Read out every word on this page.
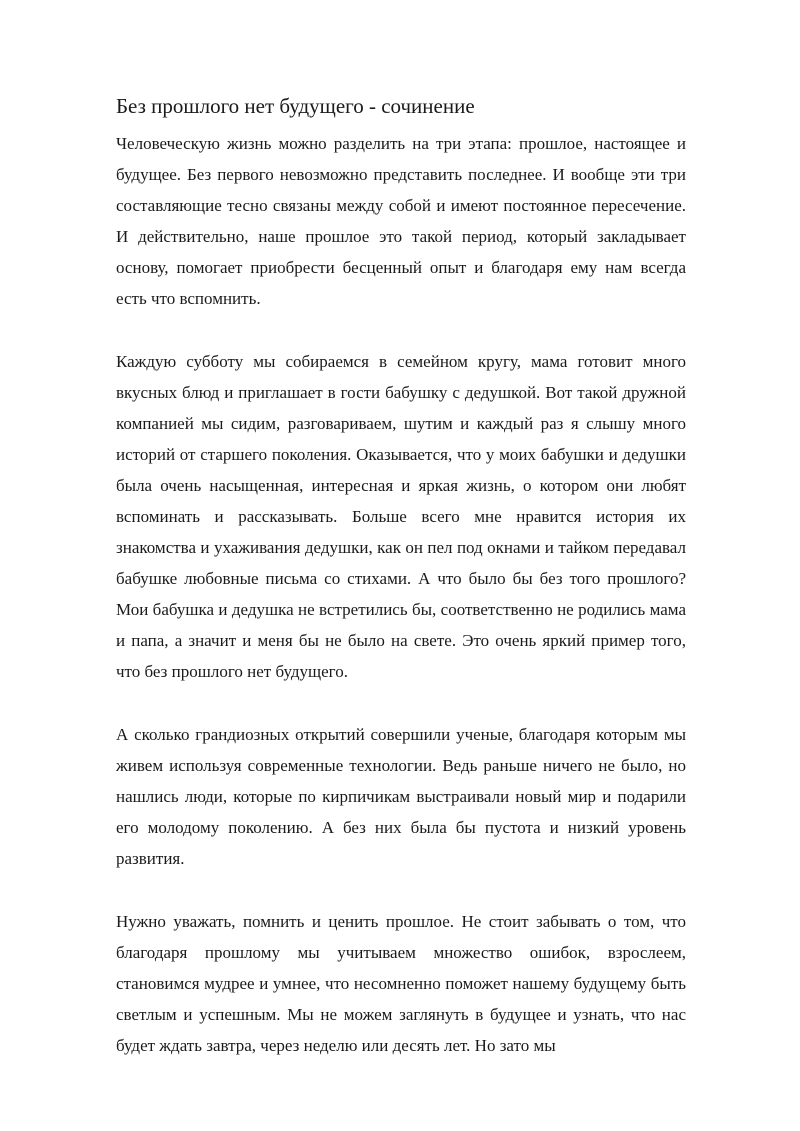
Без прошлого нет будущего - сочинение

Человеческую жизнь можно разделить на три этапа: прошлое, настоящее и будущее. Без первого невозможно представить последнее. И вообще эти три составляющие тесно связаны между собой и имеют постоянное пересечение. И действительно, наше прошлое это такой период, который закладывает основу, помогает приобрести бесценный опыт и благодаря ему нам всегда есть что вспомнить.

Каждую субботу мы собираемся в семейном кругу, мама готовит много вкусных блюд и приглашает в гости бабушку с дедушкой. Вот такой дружной компанией мы сидим, разговариваем, шутим и каждый раз я слышу много историй от старшего поколения. Оказывается, что у моих бабушки и дедушки была очень насыщенная, интересная и яркая жизнь, о котором они любят вспоминать и рассказывать. Больше всего мне нравится история их знакомства и ухаживания дедушки, как он пел под окнами и тайком передавал бабушке любовные письма со стихами. А что было бы без того прошлого? Мои бабушка и дедушка не встретились бы, соответственно не родились мама и папа, а значит и меня бы не было на свете. Это очень яркий пример того, что без прошлого нет будущего.

А сколько грандиозных открытий совершили ученые, благодаря которым мы живем используя современные технологии. Ведь раньше ничего не было, но нашлись люди, которые по кирпичикам выстраивали новый мир и подарили его молодому поколению. А без них была бы пустота и низкий уровень развития.

Нужно уважать, помнить и ценить прошлое. Не стоит забывать о том, что благодаря прошлому мы учитываем множество ошибок, взрослеем, становимся мудрее и умнее, что несомненно поможет нашему будущему быть светлым и успешным. Мы не можем заглянуть в будущее и узнать, что нас будет ждать завтра, через неделю или десять лет. Но зато мы
